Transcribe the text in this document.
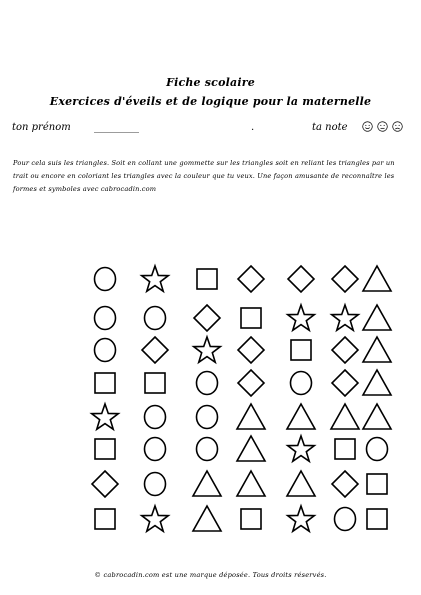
Fiche scolaire
Exercices d'éveils et de logique pour la maternelle
ton prénom _________	.	ta note
Pour cela suis les triangles. Soit en collant une gommette sur les triangles soit en reliant les triangles par un trait ou encore en coloriant les triangles avec la couleur que tu veux. Une façon amusante de reconnaître les formes et symboles avec cabrocadin.com
© cabrocadin.com est une marque déposée. Tous droits réservés.
